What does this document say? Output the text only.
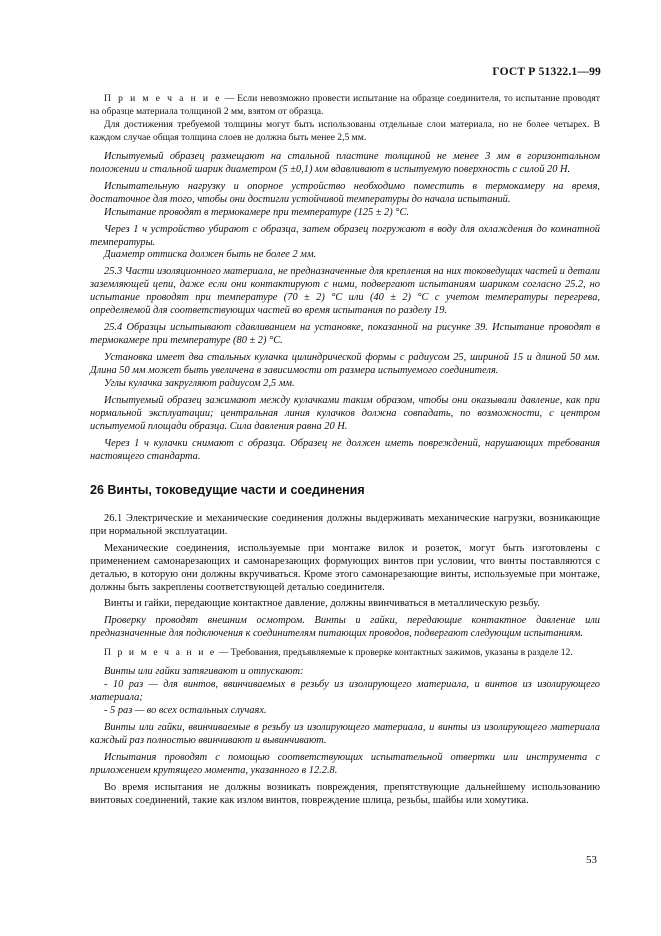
ГОСТ Р 51322.1—99

П р и м е ч а н и е — Если невозможно провести испытание на образце соединителя, то испытание проводят на образце материала толщиной 2 мм, взятом от образца.

Для достижения требуемой толщины могут быть использованы отдельные слои материала, но не более четырех. В каждом случае общая толщина слоев не должна быть менее 2,5 мм.

Испытуемый образец размещают на стальной пластине толщиной не менее 3 мм в горизонтальном положении и стальной шарик диаметром (5 ±0,1) мм вдавливают в испытуемую поверхность с силой 20 Н.

Испытательную нагрузку и опорное устройство необходимо поместить в термокамеру на время, достаточное для того, чтобы они достигли устойчивой температуры до начала испытаний.

Испытание проводят в термокамере при температуре (125 ± 2) °С.

Через 1 ч устройство убирают с образца, затем образец погружают в воду для охлаждения до комнатной температуры.

Диаметр оттиска должен быть не более 2 мм.

25.3 Части изоляционного материала, не предназначенные для крепления на них токоведущих частей и детали заземляющей цепи, даже если они контактируют с ними, подвергают испытаниям шариком согласно 25.2, но испытание проводят при температуре (70 ± 2) °С или (40 ± 2) °С с учетом температуры перегрева, определяемой для соответствующих частей во время испытания по разделу 19.

25.4 Образцы испытывают сдавливанием на установке, показанной на рисунке 39. Испытание проводят в термокамере при температуре (80 ± 2) °С.

Установка имеет два стальных кулачка цилиндрической формы с радиусом 25, шириной 15 и длиной 50 мм. Длина 50 мм может быть увеличена в зависимости от размера испытуемого соединителя.

Углы кулачка закругляют радиусом 2,5 мм.

Испытуемый образец зажимают между кулачками таким образом, чтобы они оказывали давление, как при нормальной эксплуатации; центральная линия кулачков должна совпадать, по возможности, с центром испытуемой площади образца. Сила давления равна 20 Н.

Через 1 ч кулачки снимают с образца. Образец не должен иметь повреждений, нарушающих требования настоящего стандарта.

26 Винты, токоведущие части и соединения

26.1 Электрические и механические соединения должны выдерживать механические нагрузки, возникающие при нормальной эксплуатации.

Механические соединения, используемые при монтаже вилок и розеток, могут быть изготовлены с применением самонарезающих и самонарезающих формующих винтов при условии, что винты поставляются с деталью, в которую они должны вкручиваться. Кроме этого самонарезающие винты, используемые при монтаже, должны быть закреплены соответствующей деталью соединителя.

Винты и гайки, передающие контактное давление, должны ввинчиваться в металлическую резьбу.

Проверку проводят внешним осмотром. Винты и гайки, передающие контактное давление или предназначенные для подключения к соединителям питающих проводов, подвергают следующим испытаниям.

П р и м е ч а н и е — Требования, предъявляемые к проверке контактных зажимов, указаны в разделе 12.

Винты или гайки затягивают и отпускают:

- 10 раз — для винтов, ввинчиваемых в резьбу из изолирующего материала, и винтов из изолирующего материала;

- 5 раз — во всех остальных случаях.

Винты или гайки, ввинчиваемые в резьбу из изолирующего материала, и винты из изолирующего материала каждый раз полностью ввинчивают и вывинчивают.

Испытания проводят с помощью соответствующих испытательной отвертки или инструмента с приложением крутящего момента, указанного в 12.2.8.

Во время испытания не должны возникать повреждения, препятствующие дальнейшему использованию винтовых соединений, такие как излом винтов, повреждение шлица, резьбы, шайбы или хомутика.

53
